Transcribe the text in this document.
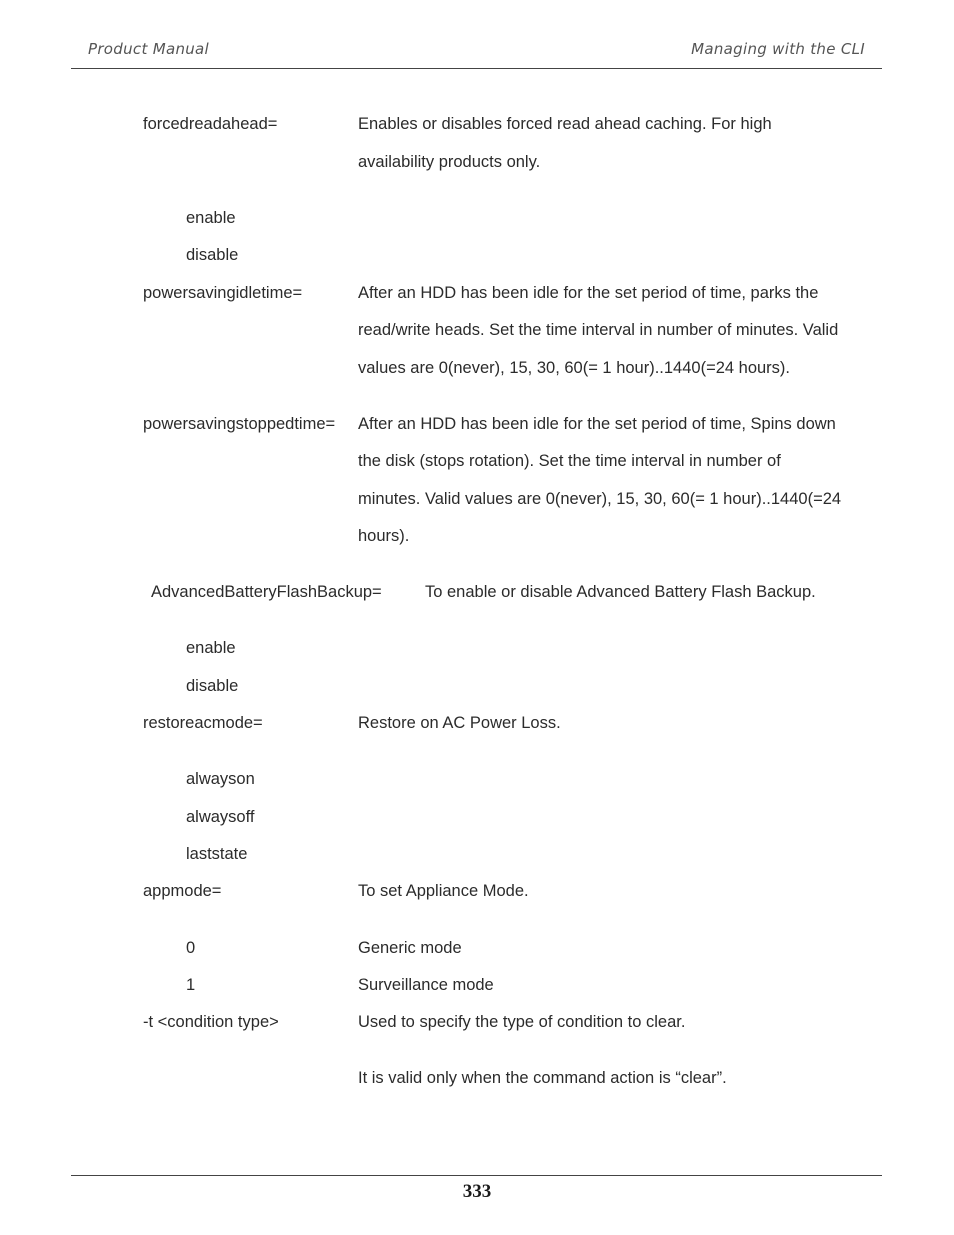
Product Manual	Managing with the CLI
forcedreadahead=	Enables or disables forced read ahead caching. For high
availability products only.
enable
disable
powersavingidletime=	After an HDD has been idle for the set period of time, parks the
read/write heads. Set the time interval in number of minutes. Valid
values are 0(never), 15, 30, 60(= 1 hour)..1440(=24 hours).
powersavingstoppedtime= After an HDD has been idle for the set period of time, Spins down
the disk (stops rotation). Set the time interval in number of
minutes. Valid values are 0(never), 15, 30, 60(= 1 hour)..1440(=24
hours).
AdvancedBatteryFlashBackup=	To enable or disable Advanced Battery Flash Backup.
enable
disable
restoreacmode=	Restore on AC Power Loss.
alwayson
alwaysoff
laststate
appmode=	To set Appliance Mode.
0	Generic mode
1	Surveillance mode
-t <condition type>	Used to specify the type of condition to clear.
It is valid only when the command action is “clear”.
333
